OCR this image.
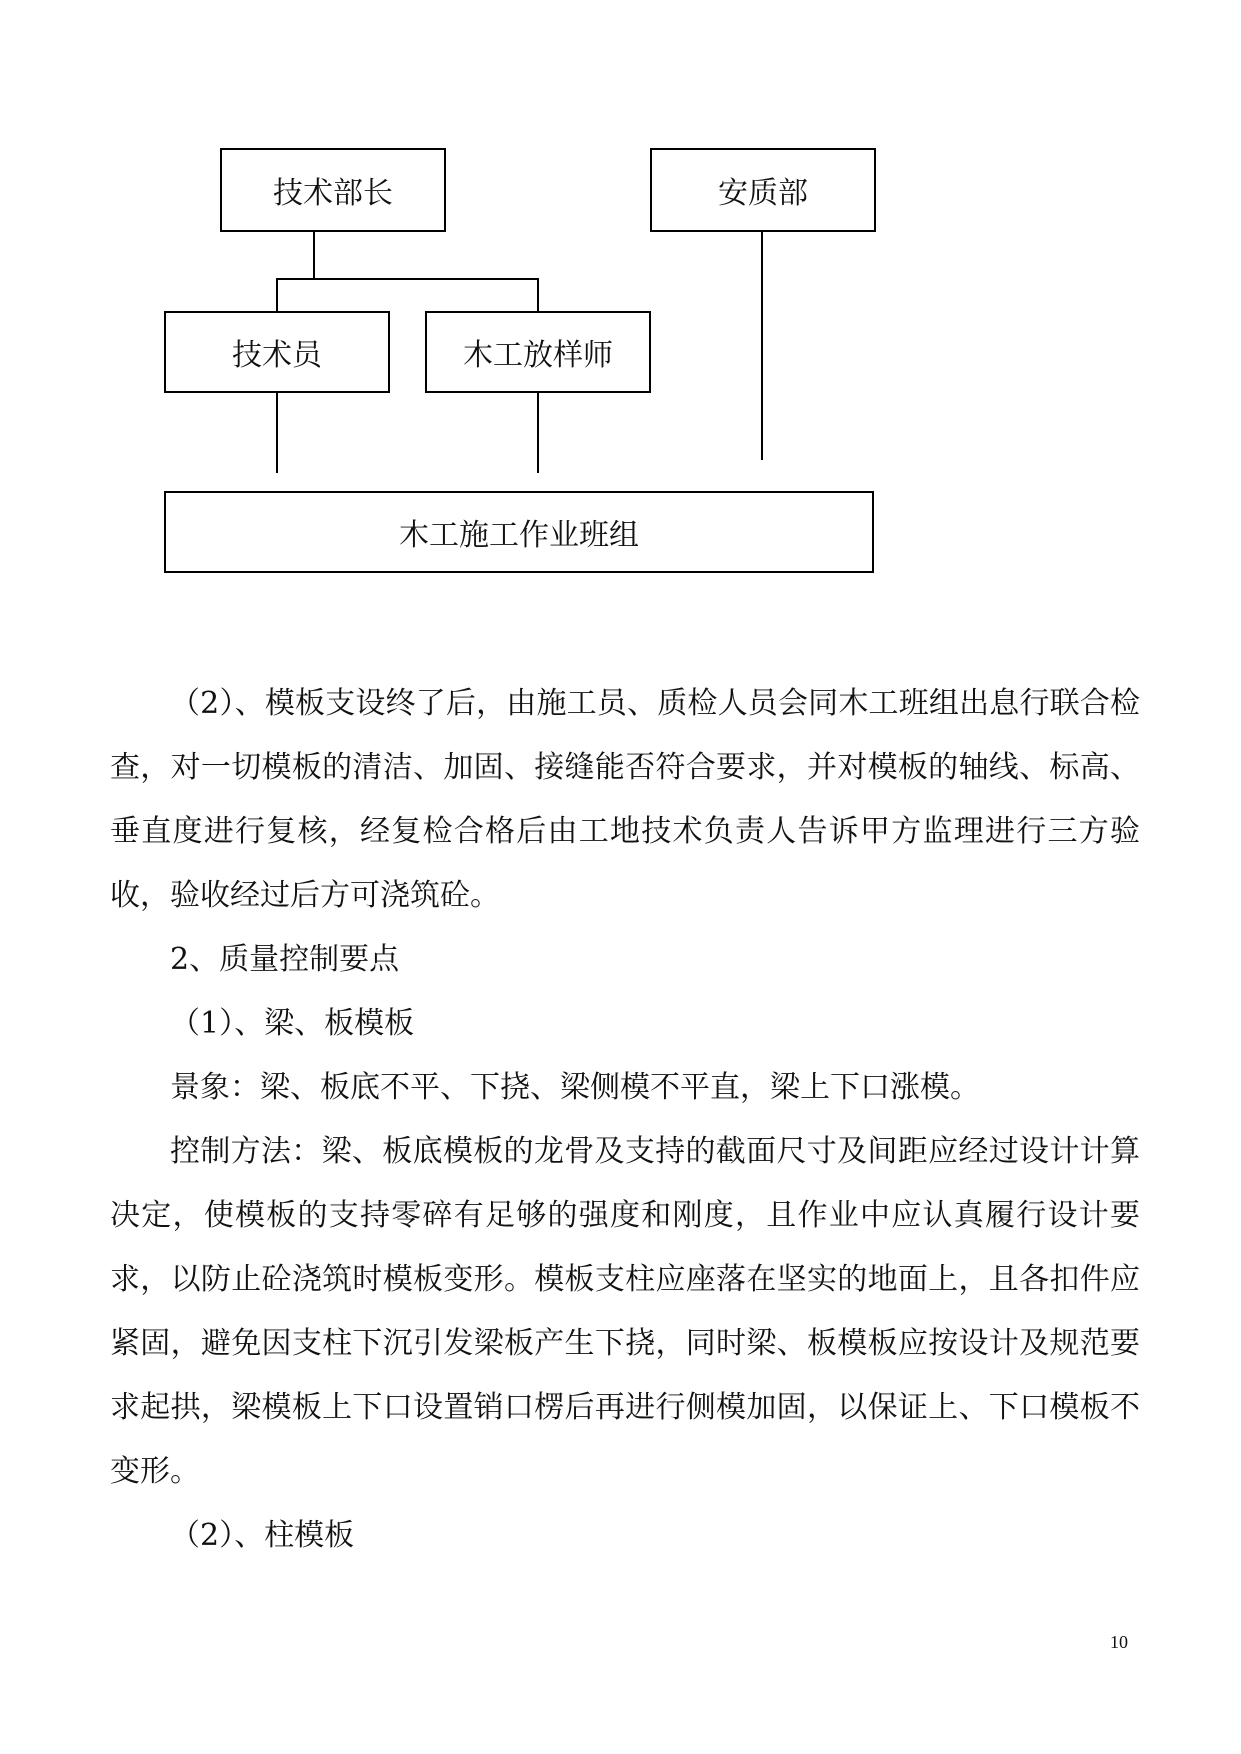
技术部长	安质部
技术员	木工放样师
木工施工作业班组

（2）、模板支设终了后，由施工员、质检人员会同木工班组出息行联合检查，对一切模板的清洁、加固、接缝能否符合要求，并对模板的轴线、标高、垂直度进行复核，经复检合格后由工地技术负责人告诉甲方监理进行三方验收，验收经过后方可浇筑砼。

2、质量控制要点

（1）、梁、板模板

景象：梁、板底不平、下挠、梁侧模不平直，梁上下口涨模。

控制方法：梁、板底模板的龙骨及支持的截面尺寸及间距应经过设计计算决定，使模板的支持零碎有足够的强度和刚度，且作业中应认真履行设计要求，以防止砼浇筑时模板变形。模板支柱应座落在坚实的地面上，且各扣件应紧固，避免因支柱下沉引发梁板产生下挠，同时梁、板模板应按设计及规范要求起拱，梁模板上下口设置销口楞后再进行侧模加固，以保证上、下口模板不变形。

（2）、柱模板

10
